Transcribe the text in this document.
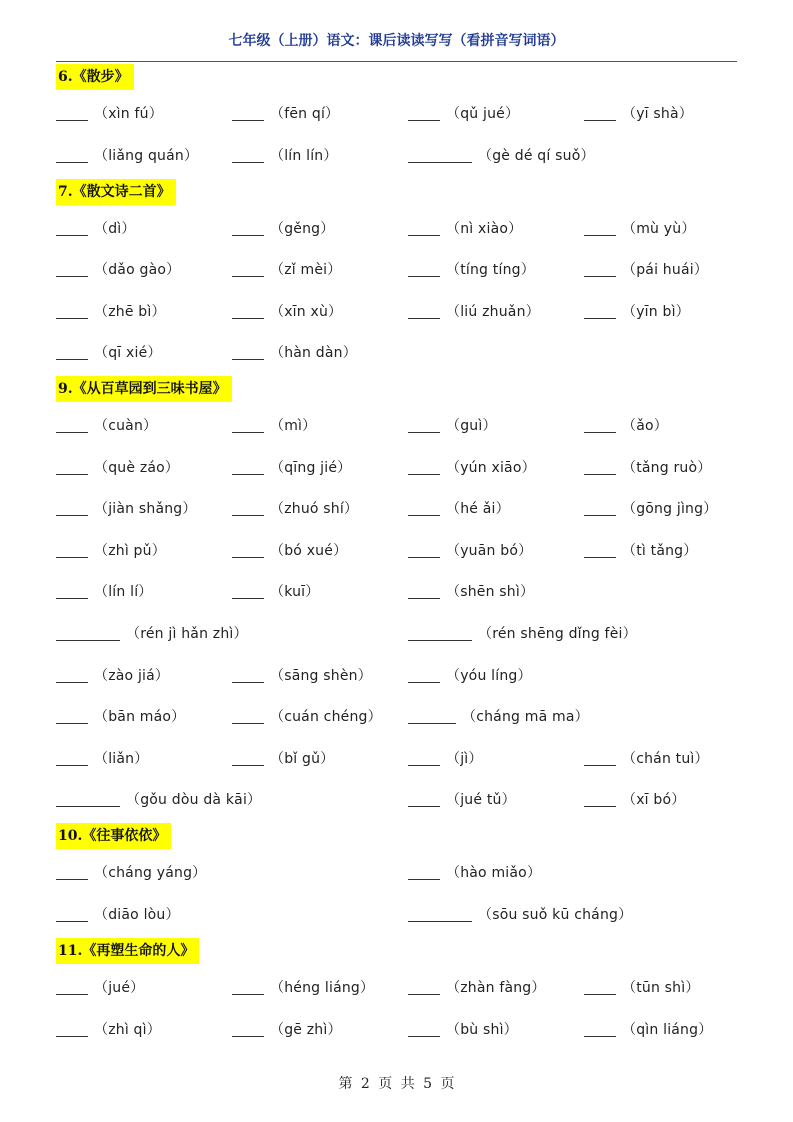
七年级（上册）语文：课后读读写写（看拼音写词语）
6.《散步》
（xìn fú）	（fēn qí）	（qǔ jué）	（yī shà）
（liǎng quán）	（lín lín）	（gè dé qí suǒ）
7.《散文诗二首》
（dì）	（gěng）	（nì xiào）	（mù yù）
（dǎo gào）	（zǐ mèi）	（tíng tíng）	（pái huái）
（zhē bì）	（xīn xù）	（liú zhuǎn）	（yīn bì）
（qī xié）	（hàn dàn）
9.《从百草园到三味书屋》
（cuàn）	（mì）	（guì）	（ǎo）
（què záo）	（qīng jié）	（yún xiāo）	（tǎng ruò）
（jiàn shǎng）	（zhuó shí）	（hé ǎi）	（gōng jìng）
（zhì pǔ）	（bó xué）	（yuān bó）	（tì tǎng）
（lín lí）	（kuī）	（shēn shì）
（rén jì hǎn zhì）	（rén shēng dǐng fèi）
（zào jiá）	（sāng shèn）	（yóu líng）
（bān máo）	（cuán chéng）	（cháng mā ma）
（liǎn）	（bǐ gǔ）	（jì）	（chán tuì）
（gǒu dòu dà kāi）	（jué tǔ）	（xī bó）
10.《往事依依》
（cháng yáng）	（hào miǎo）
（diāo lòu）	（sōu suǒ kū cháng）
11.《再塑生命的人》
（jué）	（héng liáng）	（zhàn fàng）	（tūn shì）
（zhì qì）	（gē zhì）	（bù shì）	（qìn liáng）
第 2 页 共 5 页
